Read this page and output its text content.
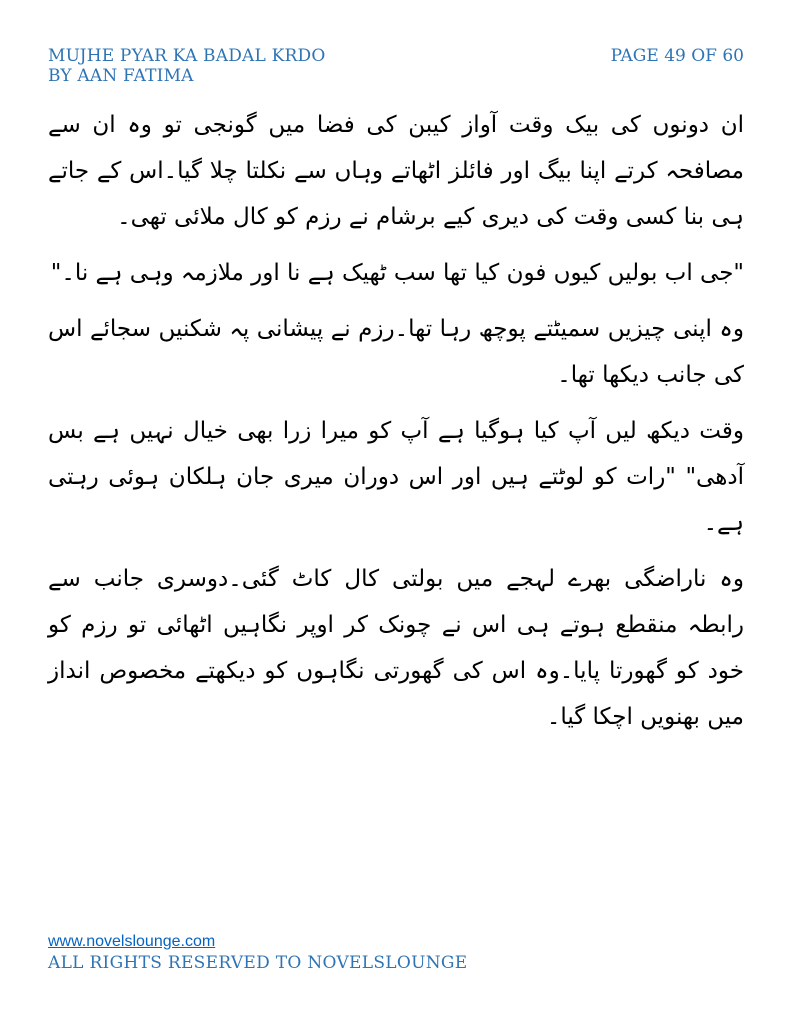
MUJHE PYAR KA BADAL KRDO
BY AAN FATIMA
PAGE 49 OF 60

ان دونوں کی بیک وقت آواز کیبن کی فضا میں گونجی تو وہ ان سے مصافحہ کرتے اپنا بیگ اور فائلز اٹھاتے وہاں سے نکلتا چلا گیا۔اس کے جاتے ہی بنا کسی وقت کی دیری کیے برشام نے رزم کو کال ملائی تھی۔

"جی اب بولیں کیوں فون کیا تھا سب ٹھیک ہے نا اور ملازمہ وہی ہے نا۔"

وہ اپنی چیزیں سمیٹتے پوچھ رہا تھا۔رزم نے پیشانی پہ شکنیں سجائے اس کی جانب دیکھا تھا۔

وقت دیکھ لیں آپ کیا ہوگیا ہے آپ کو میرا زرا بھی خیال نہیں ہے بس آدھی" "رات کو لوٹتے ہیں اور اس دوران میری جان ہلکان ہوئی رہتی ہے۔

وہ ناراضگی بھرے لہجے میں بولتی کال کاٹ گئی۔دوسری جانب سے رابطہ منقطع ہوتے ہی اس نے چونک کر اوپر نگاہیں اٹھائی تو رزم کو خود کو گھورتا پایا۔وہ اس کی گھورتی نگاہوں کو دیکھتے مخصوص انداز میں بھنویں اچکا گیا۔

www.novelslounge.com
ALL RIGHTS RESERVED TO NOVELSLOUNGE
